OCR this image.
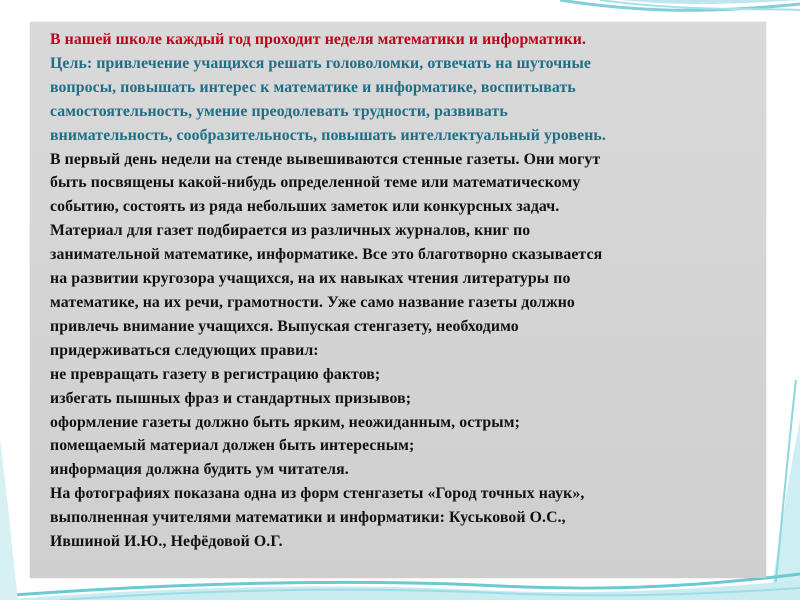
В нашей школе каждый год проходит неделя математики и информатики.
Цель: привлечение учащихся решать головоломки, отвечать на шуточные
вопросы, повышать интерес к математике и информатике, воспитывать
самостоятельность, умение преодолевать трудности, развивать
внимательность, сообразительность, повышать интеллектуальный уровень.
В первый день недели на стенде вывешиваются стенные газеты. Они могут
быть посвящены какой-нибудь определенной теме или математическому
событию, состоять из ряда небольших заметок или конкурсных задач.
Материал для газет подбирается из различных журналов, книг по
занимательной математике, информатике. Все это благотворно сказывается
на развитии кругозора учащихся, на их навыках чтения литературы по
математике, на их речи, грамотности. Уже само название газеты должно
привлечь внимание учащихся. Выпуская стенгазету, необходимо
придерживаться следующих правил:
не превращать газету в регистрацию фактов;
избегать пышных фраз и стандартных призывов;
оформление газеты должно быть ярким, неожиданным, острым;
помещаемый материал должен быть интересным;
информация должна будить ум читателя.
На фотографиях показана одна из форм стенгазеты «Город точных наук»,
выполненная учителями математики и информатики: Куськовой О.С.,
Ившиной И.Ю., Нефёдовой О.Г.
